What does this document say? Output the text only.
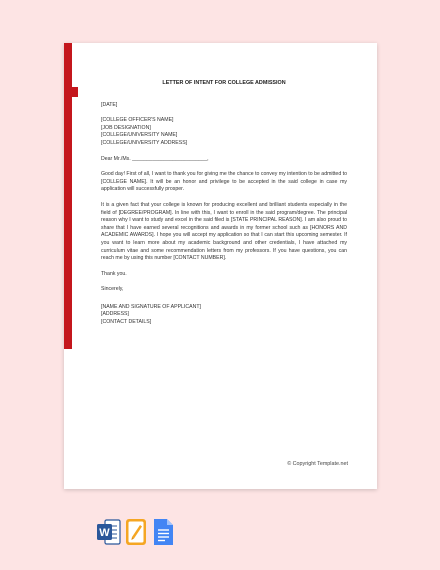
LETTER OF INTENT FOR COLLEGE ADMISSION
[DATE]
[COLLEGE OFFICER'S NAME]
[JOB DESIGNATION]
[COLLEGE/UNIVERSITY NAME]
[COLLEGE/UNIVERSITY ADDRESS]

Dear Mr./Ms. __________________________,

Good day! First of all, I want to thank you for giving me the chance to convey my intention to be admitted to [COLLEGE NAME]. It will be an honor and privilege to be accepted in the said college in case my application will successfully prosper.

It is a given fact that your college is known for producing excellent and brilliant students especially in the field of [DEGREE/PROGRAM]. In line with this, I want to enroll in the said program/degree. The principal reason why I want to study and excel in the said filed is [STATE PRINCIPAL REASON]. I am also proud to share that I have earned several recognitions and awards in my former school such as [HONORS AND ACADEMIC AWARDS]. I hope you will accept my application so that I can start this upcoming semester. If you want to learn more about my academic background and other credentials, I have attached my curriculum vitae and some recommendation letters from my professors. If you have questions, you can reach me by using this number [CONTACT NUMBER].

Thank you.

Sincerely,

[NAME AND SIGNATURE OF APPLICANT]
[ADDRESS]
[CONTACT DETAILS]
© Copyright Template.net
W
